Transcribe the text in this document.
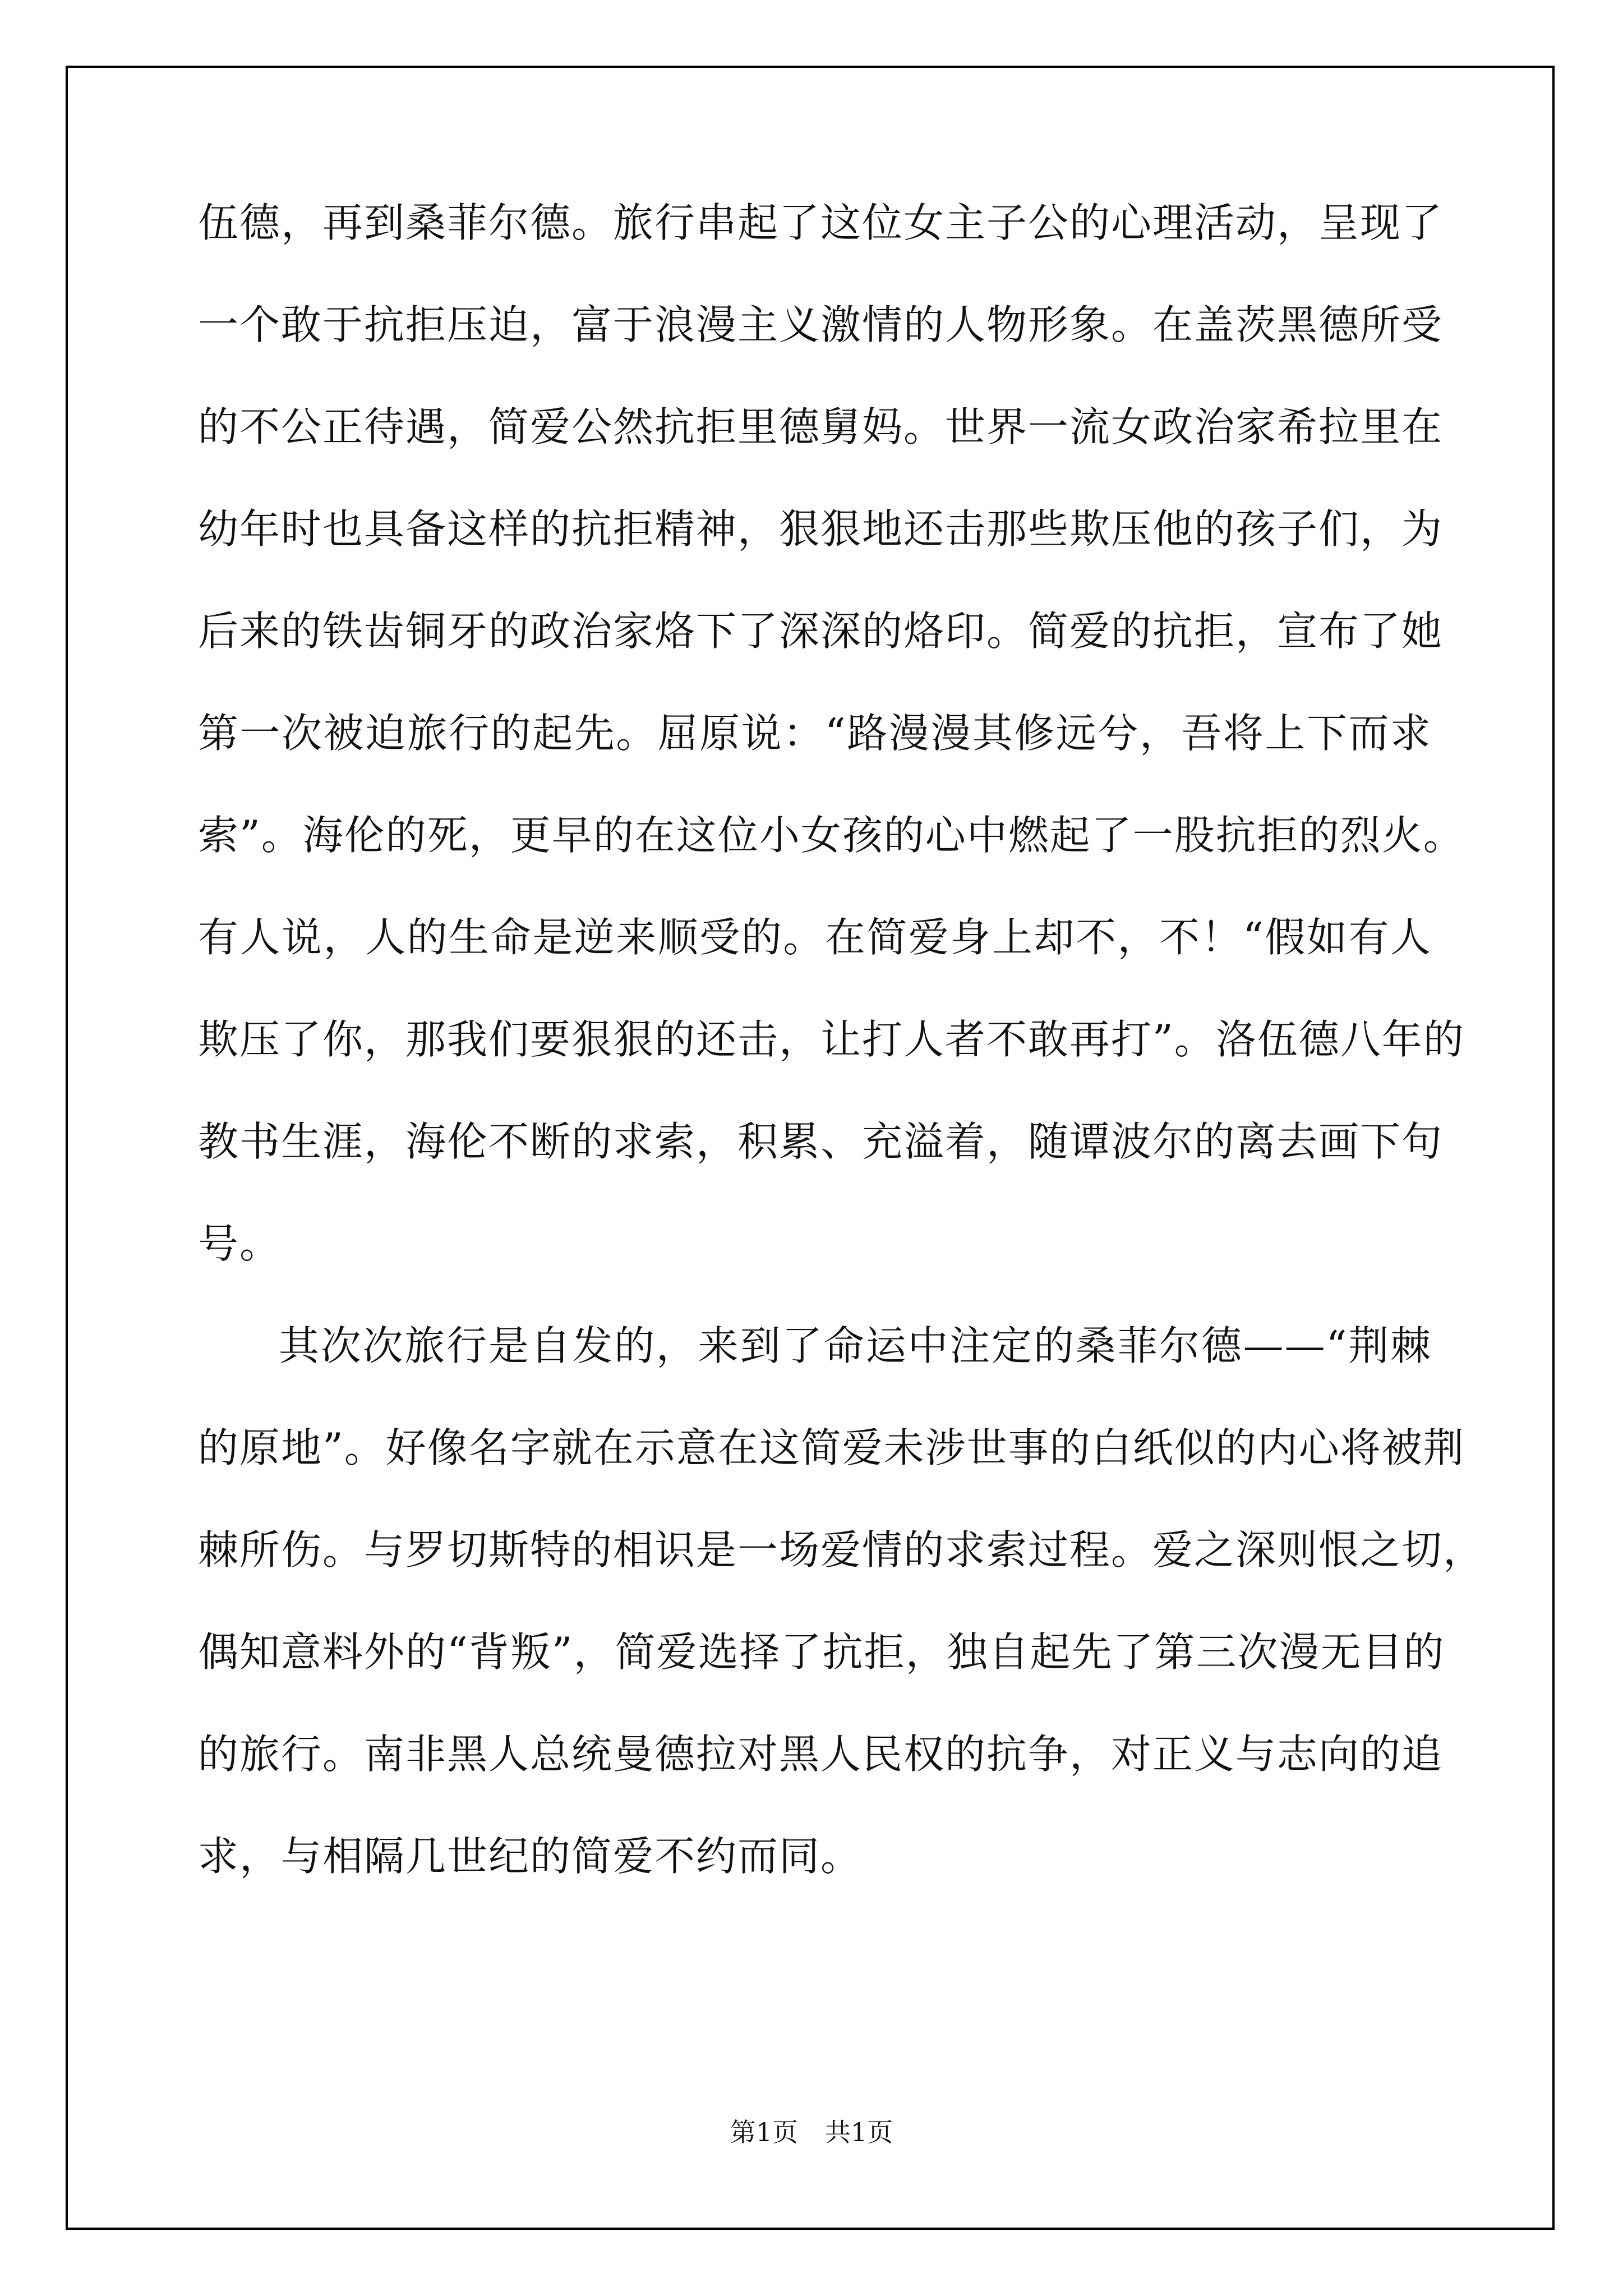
伍德，再到桑菲尔德。旅行串起了这位女主子公的心理活动，呈现了
一个敢于抗拒压迫，富于浪漫主义激情的人物形象。在盖茨黑德所受
的不公正待遇，简爱公然抗拒里德舅妈。世界一流女政治家希拉里在
幼年时也具备这样的抗拒精神，狠狠地还击那些欺压他的孩子们，为
后来的铁齿铜牙的政治家烙下了深深的烙印。简爱的抗拒，宣布了她
第一次被迫旅行的起先。屈原说：“路漫漫其修远兮，吾将上下而求
索”。海伦的死，更早的在这位小女孩的心中燃起了一股抗拒的烈火。
有人说，人的生命是逆来顺受的。在简爱身上却不，不！“假如有人
欺压了你，那我们要狠狠的还击，让打人者不敢再打”。洛伍德八年的
教书生涯，海伦不断的求索，积累、充溢着，随谭波尔的离去画下句
号。
其次次旅行是自发的，来到了命运中注定的桑菲尔德——“荆棘
的原地”。好像名字就在示意在这简爱未涉世事的白纸似的内心将被荆
棘所伤。与罗切斯特的相识是一场爱情的求索过程。爱之深则恨之切，
偶知意料外的“背叛”，简爱选择了抗拒，独自起先了第三次漫无目的
的旅行。南非黑人总统曼德拉对黑人民权的抗争，对正义与志向的追
求，与相隔几世纪的简爱不约而同。
第1页 共1页
